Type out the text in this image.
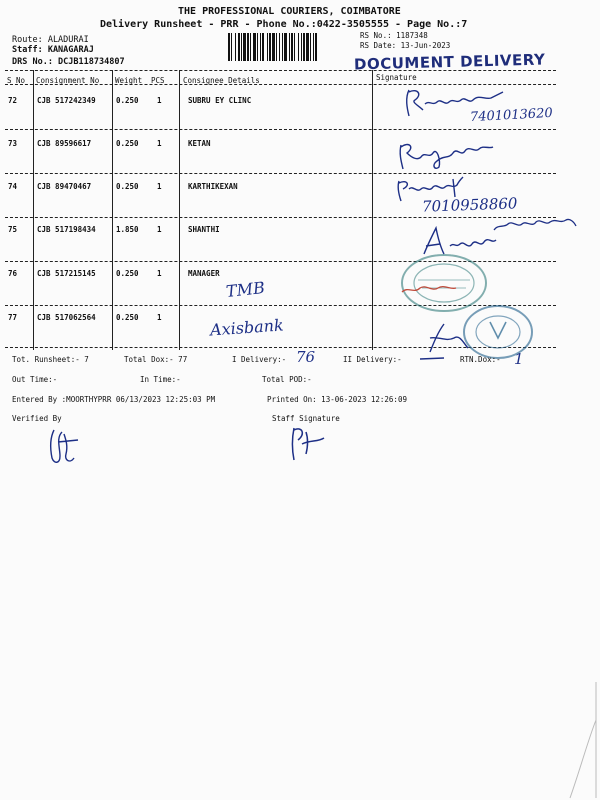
THE PROFESSIONAL COURIERS, COIMBATORE
Delivery Runsheet - PRR - Phone No.:0422-3505555 - Page No.:7
Route: ALADURAI
Staff: KANAGARAJ
DRS No.: DCJB118734807
RS No.: 1187348
RS Date: 13-Jun-2023
DOCUMENT DELIVERY
S No Consignment No Weight PCS Consignee Details	Signature
72	CJB 517242349	0.250 1	SUBRU EY CLINC
73	CJB 89596617	0.250 1	KETAN
74	CJB 89470467	0.250 1	KARTHIKEXAN
75	CJB 517198434	1.850 1	SHANTHI
76	CJB 517215145	0.250 1	MANAGER
77	CJB 517062564	0.250 1
7401013620
7010958860
TMB
Axisbank
Tot. Runsheet:- 7	Total Dox:- 77	I Delivery:- 76	II Delivery:-	RTN.Dox:- 1
Out Time:-	In Time:-	Total POD:-
Entered By :MOORTHYPRR 06/13/2023 12:25:03 PM	Printed On: 13-06-2023 12:26:09
Verified By	Staff Signature
